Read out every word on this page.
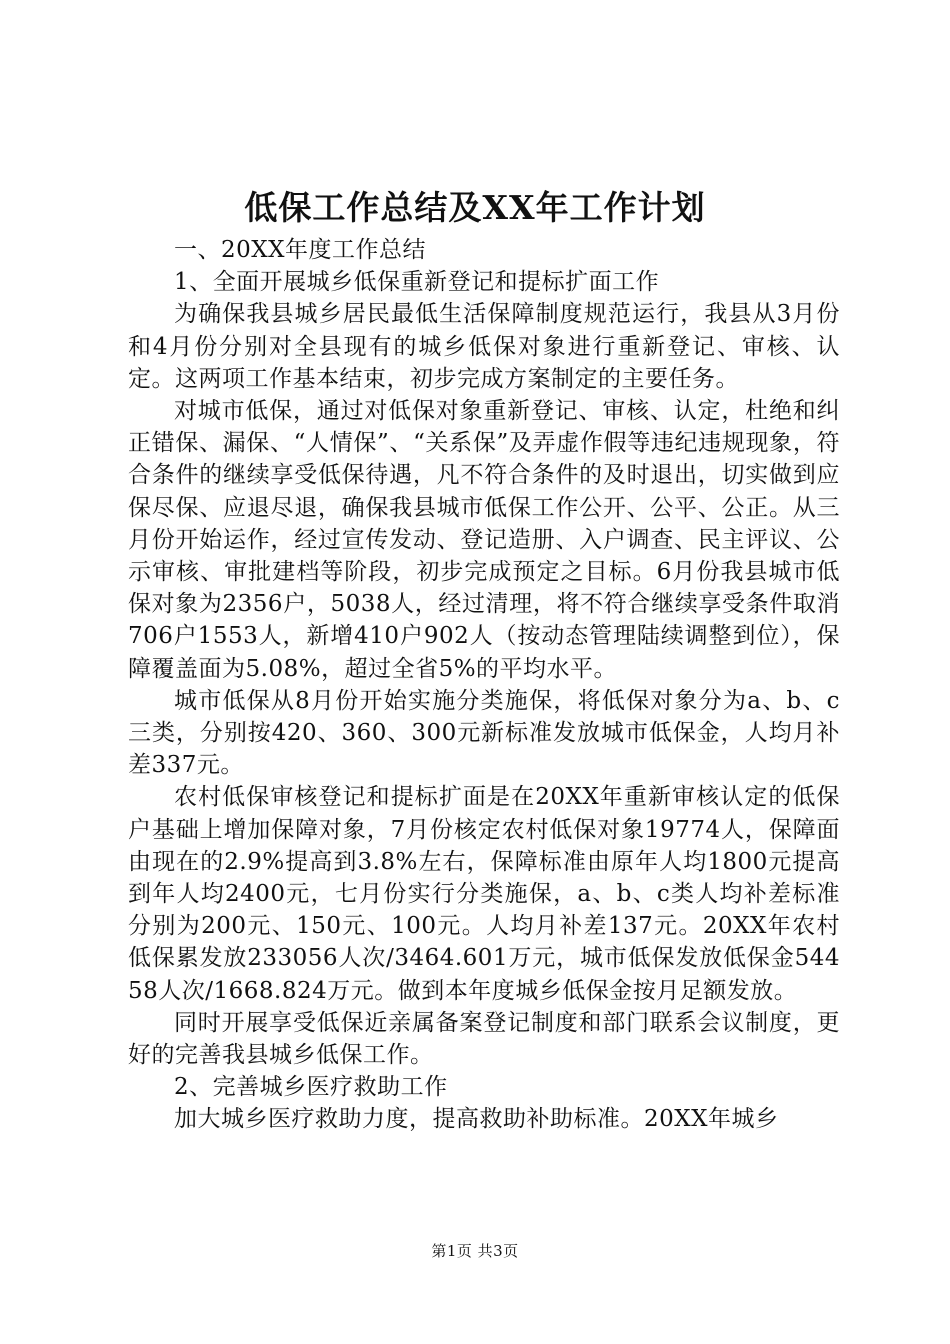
低保工作总结及XX年工作计划

一、20XX年度工作总结

1、全面开展城乡低保重新登记和提标扩面工作

为确保我县城乡居民最低生活保障制度规范运行，我县从3月份和4月份分别对全县现有的城乡低保对象进行重新登记、审核、认定。这两项工作基本结束，初步完成方案制定的主要任务。

对城市低保，通过对低保对象重新登记、审核、认定，杜绝和纠正错保、漏保、“人情保”、“关系保”及弄虚作假等违纪违规现象，符合条件的继续享受低保待遇，凡不符合条件的及时退出，切实做到应保尽保、应退尽退，确保我县城市低保工作公开、公平、公正。从三月份开始运作，经过宣传发动、登记造册、入户调查、民主评议、公示审核、审批建档等阶段，初步完成预定之目标。6月份我县城市低保对象为2356户，5038人，经过清理，将不符合继续享受条件取消706户1553人，新增410户902人（按动态管理陆续调整到位），保障覆盖面为5.08%，超过全省5%的平均水平。

城市低保从8月份开始实施分类施保，将低保对象分为a、b、c三类，分别按420、360、300元新标准发放城市低保金，人均月补差337元。

农村低保审核登记和提标扩面是在20XX年重新审核认定的低保户基础上增加保障对象，7月份核定农村低保对象19774人，保障面由现在的2.9%提高到3.8%左右，保障标准由原年人均1800元提高到年人均2400元，七月份实行分类施保，a、b、c类人均补差标准分别为200元、150元、100元。人均月补差137元。20XX年农村低保累发放233056人次/3464.601万元，城市低保发放低保金54458人次/1668.824万元。做到本年度城乡低保金按月足额发放。

同时开展享受低保近亲属备案登记制度和部门联系会议制度，更好的完善我县城乡低保工作。

2、完善城乡医疗救助工作

加大城乡医疗救助力度，提高救助补助标准。20XX年城乡

第1页 共3页
